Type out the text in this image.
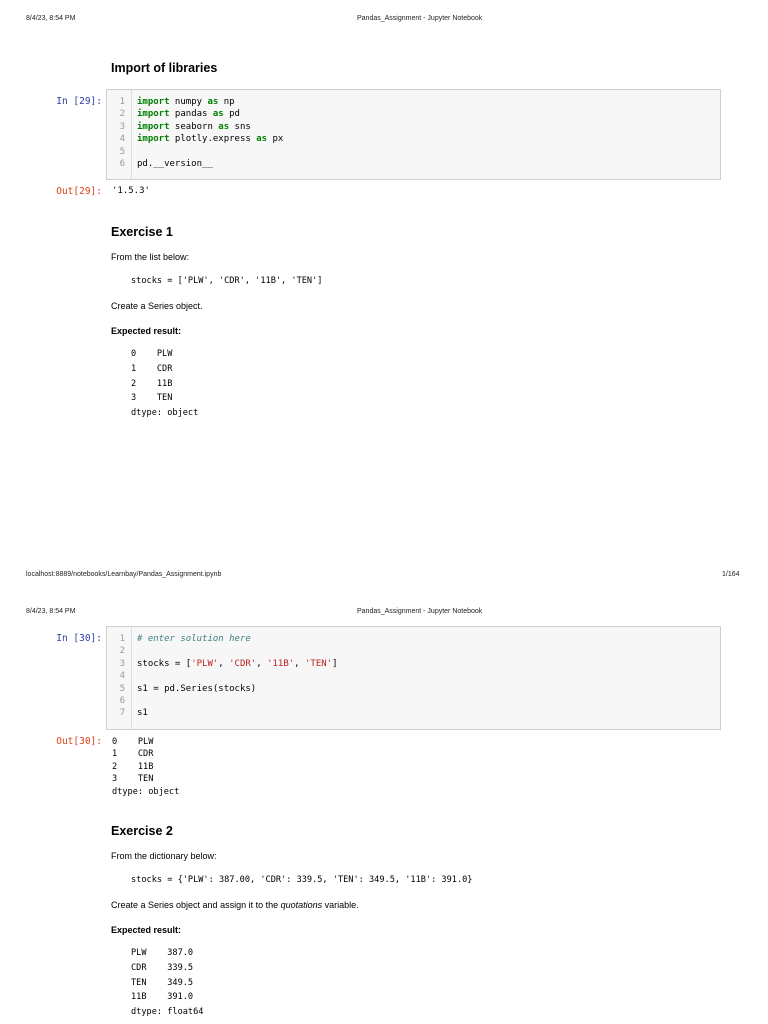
8/4/23, 8:54 PM	Pandas_Assignment - Jupyter Notebook
Import of libraries
In [29]:	1
2
3
4
5
6
import numpy as np
import pandas as pd
import seaborn as sns
import plotly.express as px
pd.__version__
Out[29]: '1.5.3'
Exercise 1
From the list below:
stocks = ['PLW', 'CDR', '11B', 'TEN']
Create a Series object.
Expected result:
0    PLW
1    CDR
2    11B
3    TEN
dtype: object
localhost:8889/notebooks/Learnbay/Pandas_Assignment.ipynb	1/164
8/4/23, 8:54 PM	Pandas_Assignment - Jupyter Notebook
In [30]:	1
2
3
4
5
6
7
# enter solution here
stocks = ['PLW', 'CDR', '11B', 'TEN']
s1 = pd.Series(stocks)
s1
Out[30]: 0    PLW
1    CDR
2    11B
3    TEN
dtype: object
Exercise 2
From the dictionary below:
stocks = {'PLW': 387.00, 'CDR': 339.5, 'TEN': 349.5, '11B': 391.0}
Create a Series object and assign it to the quotations variable.
Expected result:
PLW    387.0
CDR    339.5
TEN    349.5
11B    391.0
dtype: float64
